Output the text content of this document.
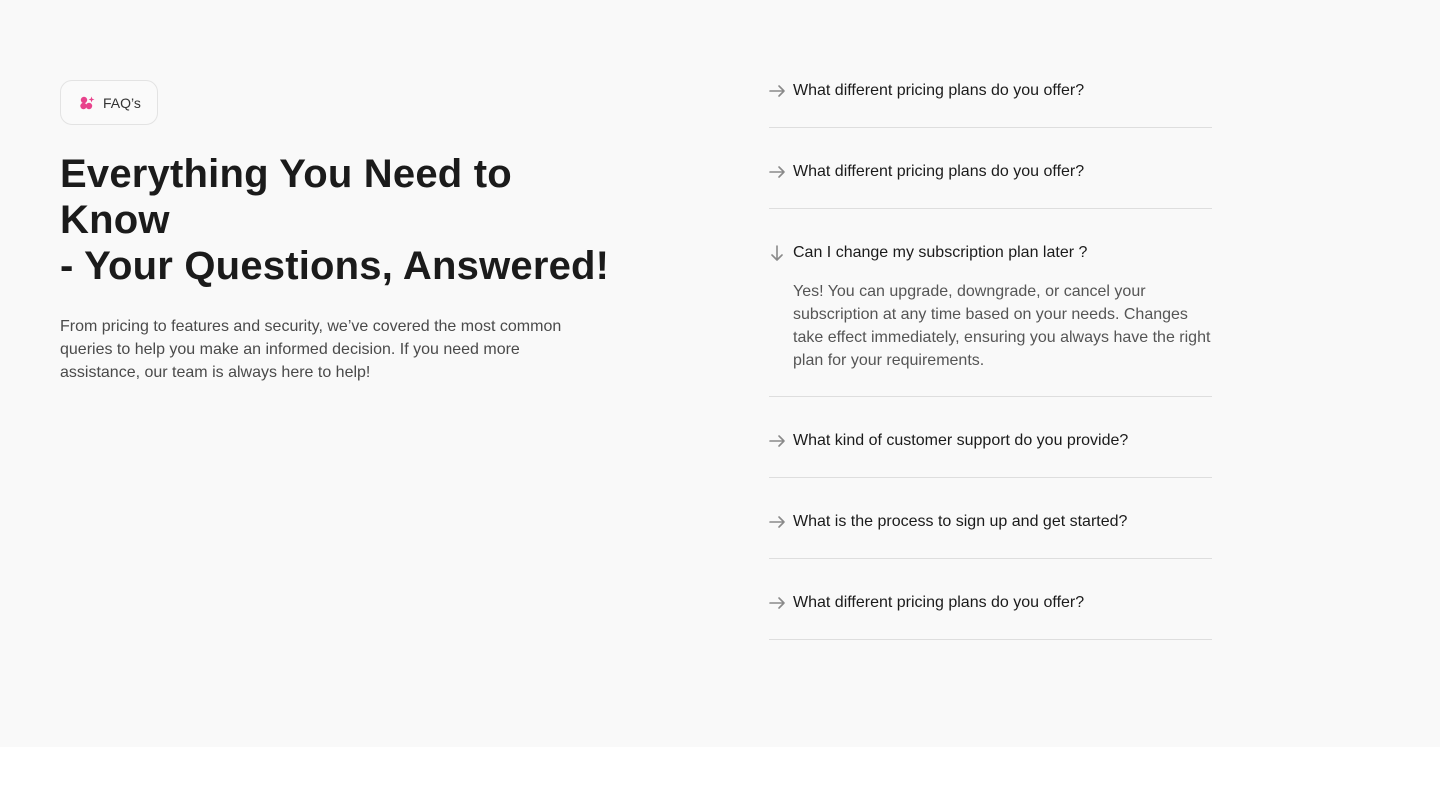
FAQ’s
Everything You Need to Know
- Your Questions, Answered!

From pricing to features and security, we’ve covered the most common queries to help you make an informed decision. If you need more assistance, our team is always here to help!

What different pricing plans do you offer?
What different pricing plans do you offer?
Can I change my subscription plan later ?

Yes! You can upgrade, downgrade, or cancel your subscription at any time based on your needs. Changes take effect immediately, ensuring you always have the right plan for your requirements.

What kind of customer support do you provide?
What is the process to sign up and get started?
What different pricing plans do you offer?
